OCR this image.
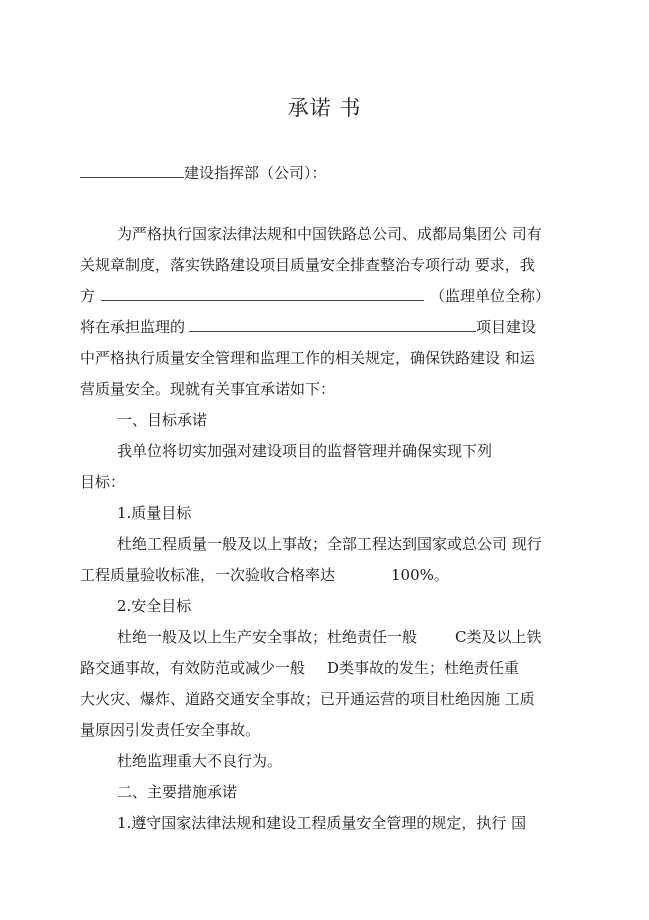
承诺 书
建设指挥部（公司）：
为严格执行国家法律法规和中国铁路总公司、成都局集团公 司有
关规章制度，落实铁路建设项目质量安全排查整治专项行动 要求，我
方	（监理单位全称）
将在承担监理的	项目建设
中严格执行质量安全管理和监理工作的相关规定，确保铁路建设 和运
营质量安全。现就有关事宜承诺如下：
一、目标承诺
我单位将切实加强对建设项目的监督管理并确保实现下列
目标：
1.质量目标
杜绝工程质量一般及以上事故；全部工程达到国家或总公司 现行
工程质量验收标准，一次验收合格率达	100%。
2.安全目标
杜绝一般及以上生产安全事故；杜绝责任一般	C类及以上铁
路交通事故，有效防范或减少一般 D类事故的发生；杜绝责任重
大火灾、爆炸、道路交通安全事故；已开通运营的项目杜绝因施 工质
量原因引发责任安全事故。
杜绝监理重大不良行为。
二、主要措施承诺
1.遵守国家法律法规和建设工程质量安全管理的规定，执行 国
